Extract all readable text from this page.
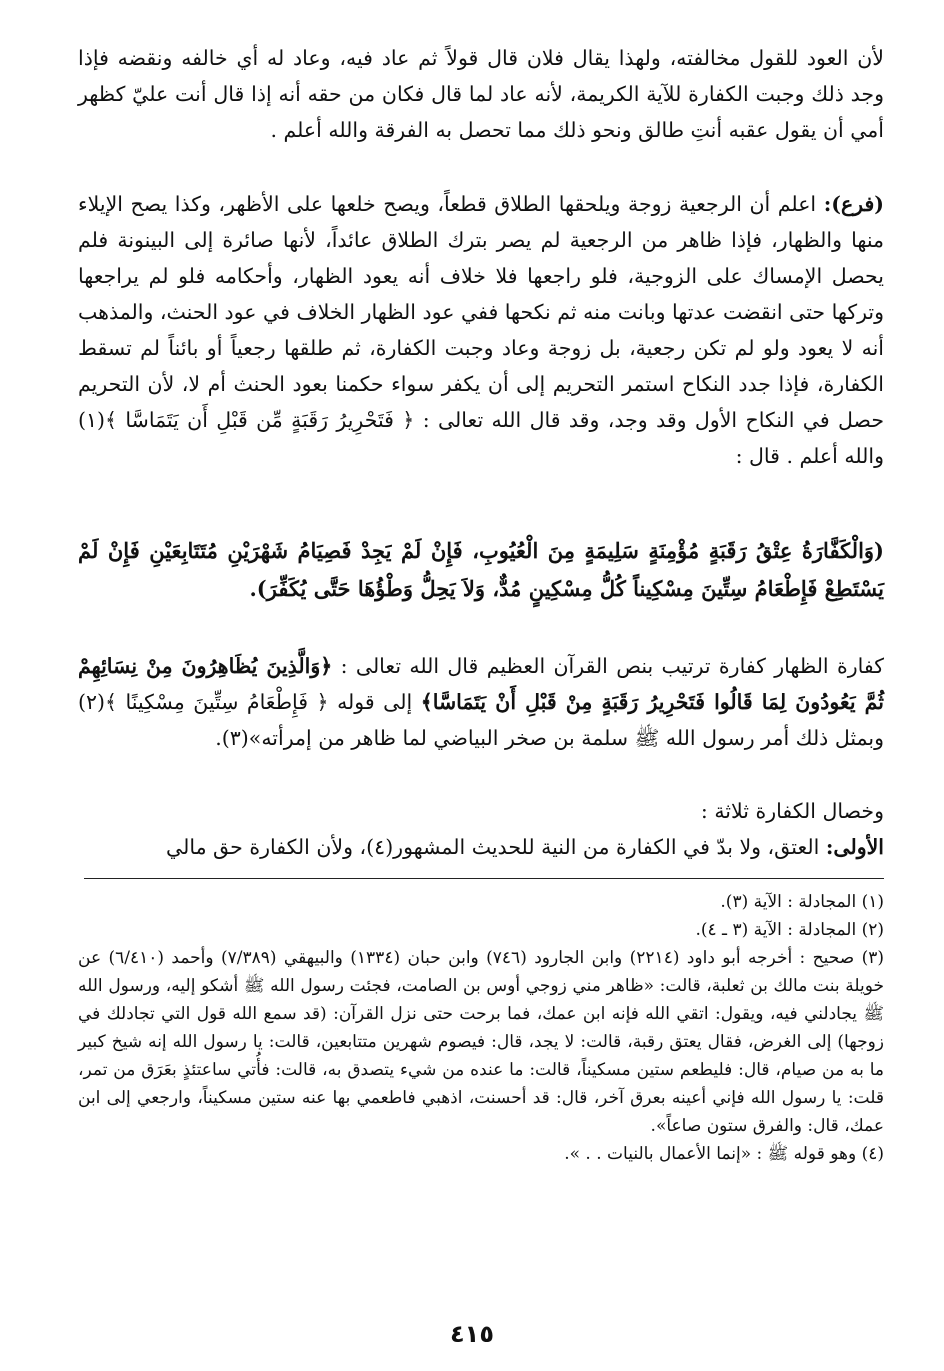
لأن العود للقول مخالفته، ولهذا يقال فلان قال قولاً ثم عاد فيه، وعاد له أي خالفه ونقضه فإذا وجد ذلك وجبت الكفارة للآية الكريمة، لأنه عاد لما قال فكان من حقه أنه إذا قال أنت عليّ كظهر أمي أن يقول عقبه أنتِ طالق ونحو ذلك مما تحصل به الفرقة والله أعلم .

(فرع): اعلم أن الرجعية زوجة ويلحقها الطلاق قطعاً، ويصح خلعها على الأظهر، وكذا يصح الإيلاء منها والظهار، فإذا ظاهر من الرجعية لم يصر بترك الطلاق عائداً، لأنها صائرة إلى البينونة فلم يحصل الإمساك على الزوجية، فلو راجعها فلا خلاف أنه يعود الظهار، وأحكامه فلو لم يراجعها وتركها حتى انقضت عدتها وبانت منه ثم نكحها ففي عود الظهار الخلاف في عود الحنث، والمذهب أنه لا يعود ولو لم تكن رجعية، بل زوجة وعاد وجبت الكفارة، ثم طلقها رجعياً أو بائناً لم تسقط الكفارة، فإذا جدد النكاح استمر التحريم إلى أن يكفر سواء حكمنا بعود الحنث أم لا، لأن التحريم حصل في النكاح الأول وقد وجد، وقد قال الله تعالى : ﴿ فَتَحْرِيرُ رَقَبَةٍ مِّن قَبْلِ أَن يَتَمَاسَّا ﴾(١) والله أعلم . قال :

(وَالْكَفَّارَةُ عِتْقُ رَقَبَةٍ مُؤْمِنَةٍ سَلِيمَةٍ مِنَ الْعُيُوبِ، فَإِنْ لَمْ يَجِدْ فَصِيَامُ شَهْرَيْنِ مُتَتَابِعَيْنِ فَإِنْ لَمْ يَسْتَطِعْ فَإِطْعَامُ سِتِّينَ مِسْكِيناً كُلُّ مِسْكِينٍ مُدٌّ، وَلاَ يَحِلُّ وَطْؤُهَا حَتَّى يُكَفِّرَ).

كفارة الظهار كفارة ترتيب بنص القرآن العظيم قال الله تعالى : ﴿وَالَّذِينَ يُظَاهِرُونَ مِنْ نِسَائِهِمْ ثُمَّ يَعُودُونَ لِمَا قَالُوا فَتَحْرِيرُ رَقَبَةٍ مِنْ قَبْلِ أَنْ يَتَمَاسَّا﴾ إلى قوله ﴿ فَإِطْعَامُ سِتِّينَ مِسْكِينًا ﴾(٢) وبمثل ذلك أمر رسول الله ﷺ سلمة بن صخر البياضي لما ظاهر من إمرأته»(٣).

وخصال الكفارة ثلاثة :
الأولى: العتق، ولا بدّ في الكفارة من النية للحديث المشهور(٤)، ولأن الكفارة حق مالي

(١) المجادلة : الآية (٣).

(٢) المجادلة : الآية (٣ ـ ٤).

(٣) صحيح : أخرجه أبو داود (٢٢١٤) وابن الجارود (٧٤٦) وابن حبان (١٣٣٤) والبيهقي (٧/٣٨٩) وأحمد (٦/٤١٠) عن خويلة بنت مالك بن ثعلبة، قالت: «ظاهر مني زوجي أوس بن الصامت، فجئت رسول الله ﷺ أشكو إليه، ورسول الله ﷺ يجادلني فيه، ويقول: اتقي الله فإنه ابن عمك، فما برحت حتى نزل القرآن: (قد سمع الله قول التي تجادلك في زوجها) إلى الغرض، فقال يعتق رقبة، قالت: لا يجد، قال: فيصوم شهرين متتابعين، قالت: يا رسول الله إنه شيخ كبير ما به من صيام، قال: فليطعم ستين مسكيناً، قالت: ما عنده من شيء يتصدق به، قالت: فأُتي ساعتئذٍ بعَرَق من تمر، قلت: يا رسول الله فإني أعينه بعرق آخر، قال: قد أحسنت، اذهبي فاطعمي بها عنه ستين مسكيناً، وارجعي إلى ابن عمك، قال: والفرق ستون صاعاً».

(٤) وهو قوله ﷺ : «إنما الأعمال بالنيات . . ».

٤١٥
